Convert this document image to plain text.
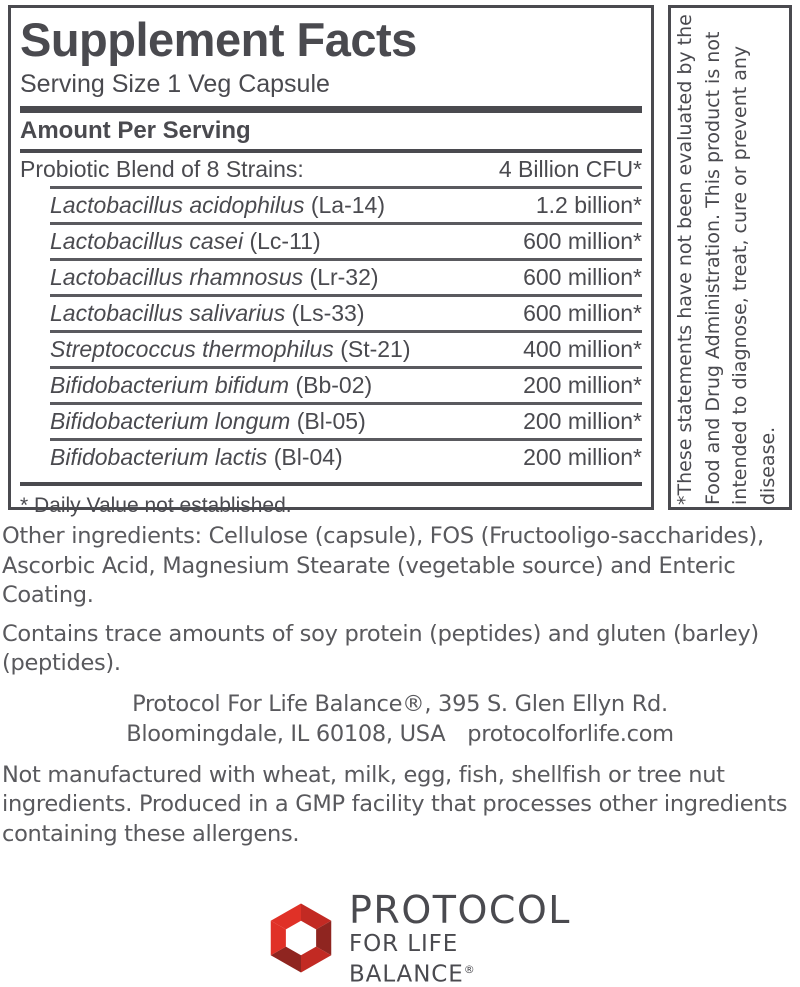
Supplement Facts
Serving Size 1 Veg Capsule
Amount Per Serving
Probiotic Blend of 8 Strains:	4 Billion CFU*
Lactobacillus acidophilus (La-14)	1.2 billion*
Lactobacillus casei (Lc-11)	600 million*
Lactobacillus rhamnosus (Lr-32)	600 million*
Lactobacillus salivarius (Ls-33)	600 million*
Streptococcus thermophilus (St-21)	400 million*
Bifidobacterium bifidum (Bb-02)	200 million*
Bifidobacterium longum (Bl-05)	200 million*
Bifidobacterium lactis (Bl-04)	200 million*
* Daily Value not established.
*These statements have not been evaluated by the Food and Drug Administration. This product is not intended to diagnose, treat, cure or prevent any disease.

Other ingredients: Cellulose (capsule), FOS (Fructooligo-saccharides), Ascorbic Acid, Magnesium Stearate (vegetable source) and Enteric Coating.

Contains trace amounts of soy protein (peptides) and gluten (barley) (peptides).

Protocol For Life Balance®, 395 S. Glen Ellyn Rd.
Bloomingdale, IL 60108, USA protocolforlife.com

Not manufactured with wheat, milk, egg, fish, shellfish or tree nut ingredients. Produced in a GMP facility that processes other ingredients containing these allergens.

PROTOCOL
FOR LIFE BALANCE®
